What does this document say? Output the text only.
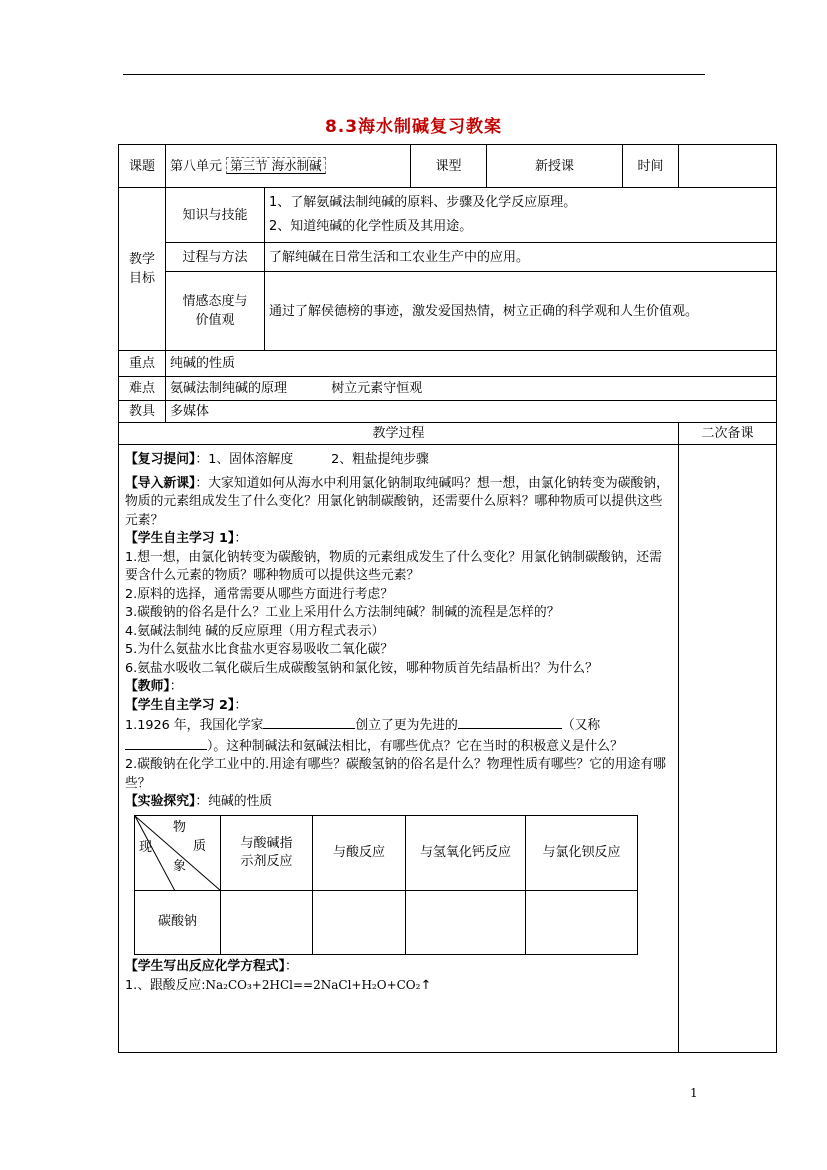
8.3海水制碱复习教案
课题	第八单元 第三节 海水制碱	课型	新授课	时间	
教学
目标	知识与技能	1、了解氨碱法制纯碱的原料、步骤及化学反应原理。
2、知道纯碱的化学性质及其用途。
过程与方法	了解纯碱在日常生活和工农业生产中的应用。
情感态度与
价值观	通过了解侯德榜的事迹，激发爱国热情，树立正确的科学观和人生价值观。
重点	纯碱的性质
难点	氨碱法制纯碱的原理	树立元素守恒观
教具	多媒体
教学过程	二次备课

【复习提问】：1、固体溶解度	2、粗盐提纯步骤

【导入新课】：大家知道如何从海水中利用氯化钠制取纯碱吗？想一想，由氯化钠转变为碳酸钠，物质的元素组成发生了什么变化？用氯化钠制碳酸钠，还需要什么原料？哪种物质可以提供这些元素？

【学生自主学习 1】：

1.想一想，由氯化钠转变为碳酸钠，物质的元素组成发生了什么变化？用氯化钠制碳酸钠，还需要含什么元素的物质？哪种物质可以提供这些元素？

2.原料的选择，通常需要从哪些方面进行考虑？

3.碳酸钠的俗名是什么？工业上采用什么方法制纯碱？制碱的流程是怎样的？

4.氨碱法制纯 碱的反应原理（用方程式表示）

5.为什么氨盐水比食盐水更容易吸收二氧化碳？

6.氨盐水吸收二氧化碳后生成碳酸氢钠和氯化铵，哪种物质首先结晶析出？为什么？

【教师】：

【学生自主学习 2】：

1.1926 年，我国化学家	创立了更为先进的	（又称）。这种制碱法和氨碱法相比，有哪些优点？它在当时的积极意义是什么？

2.碳酸钠在化学工业中的.用途有哪些？碳酸氢钠的俗名是什么？物理性质有哪些？它的用途有哪些？

【实验探究】：纯碱的性质

物
质
现
象
	与酸碱指
示剂反应	与酸反应	与氢氧化钙反应	与氯化钡反应
碳酸钠				

【学生写出反应化学方程式】：

1.、跟酸反应:Na₂CO₃+2HCl==2NaCl+H₂O+CO₂↑

1
